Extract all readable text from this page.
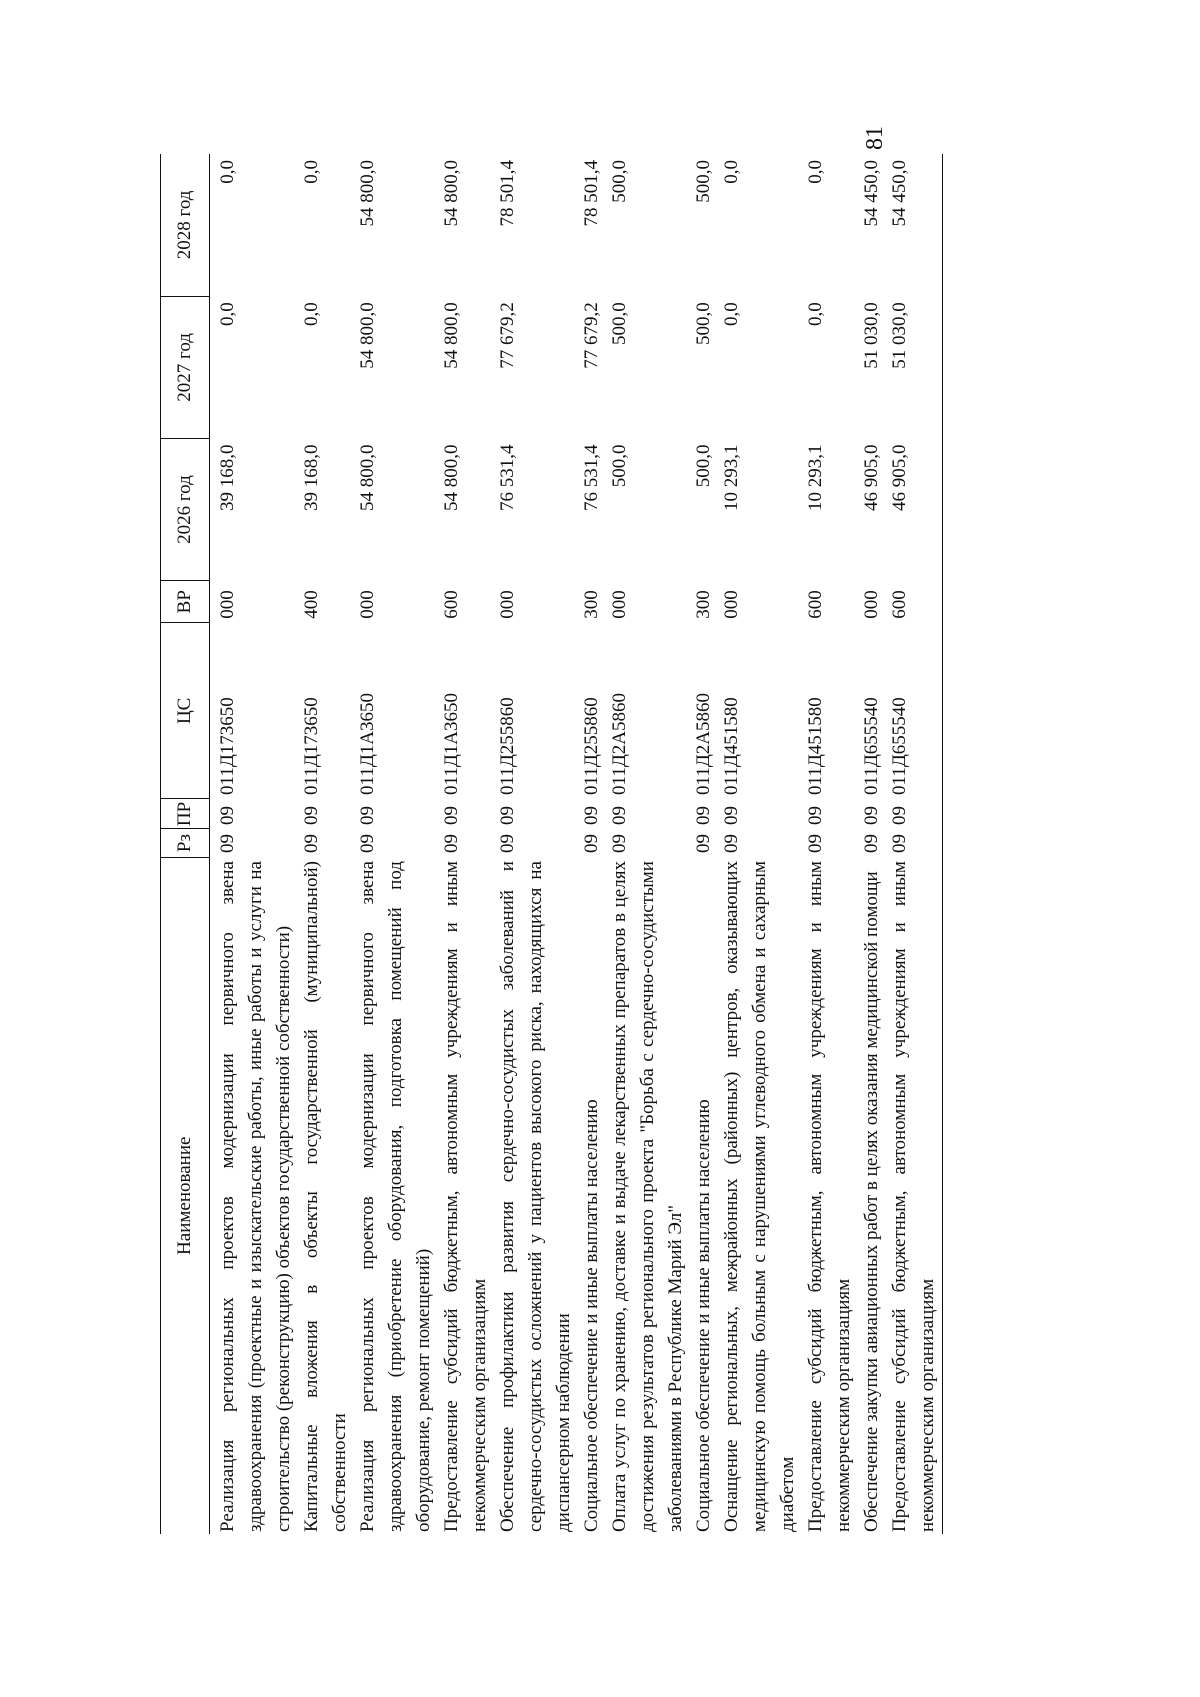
81
Наименование	Рз	ПР	ЦС	ВР	2026 год	2027 год	2028 год
Реализация региональных проектов модернизации первичного звена здравоохранения (проектные и изыскательские работы, иные работы и услуги на строительство (реконструкцию) объектов государственной собственности)	09	09	011Д173650	000	39 168,0	0,0	0,0
Капитальные вложения в объекты государственной (муниципальной) собственности	09	09	011Д173650	400	39 168,0	0,0	0,0
Реализация региональных проектов модернизации первичного звена здравоохранения (приобретение оборудования, подготовка помещений под оборудование, ремонт помещений)	09	09	011Д1А3650	000	54 800,0	54 800,0	54 800,0
Предоставление субсидий бюджетным, автономным учреждениям и иным некоммерческим организациям	09	09	011Д1А3650	600	54 800,0	54 800,0	54 800,0
Обеспечение профилактики развития сердечно-сосудистых заболеваний и сердечно-сосудистых осложнений у пациентов высокого риска, находящихся на диспансерном наблюдении	09	09	011Д255860	000	76 531,4	77 679,2	78 501,4
Социальное обеспечение и иные выплаты населению	09	09	011Д255860	300	76 531,4	77 679,2	78 501,4
Оплата услуг по хранению, доставке и выдаче лекарственных препаратов в целях достижения результатов регионального проекта "Борьба с сердечно-сосудистыми заболеваниями в Республике Марий Эл"	09	09	011Д2А5860	000	500,0	500,0	500,0
Социальное обеспечение и иные выплаты населению	09	09	011Д2А5860	300	500,0	500,0	500,0
Оснащение региональных, межрайонных (районных) центров, оказывающих медицинскую помощь больным с нарушениями углеводного обмена и сахарным диабетом	09	09	011Д451580	000	10 293,1	0,0	0,0
Предоставление субсидий бюджетным, автономным учреждениям и иным некоммерческим организациям	09	09	011Д451580	600	10 293,1	0,0	0,0
Обеспечение закупки авиационных работ в целях оказания медицинской помощи	09	09	011Д655540	000	46 905,0	51 030,0	54 450,0
Предоставление субсидий бюджетным, автономным учреждениям и иным некоммерческим организациям	09	09	011Д655540	600	46 905,0	51 030,0	54 450,0
